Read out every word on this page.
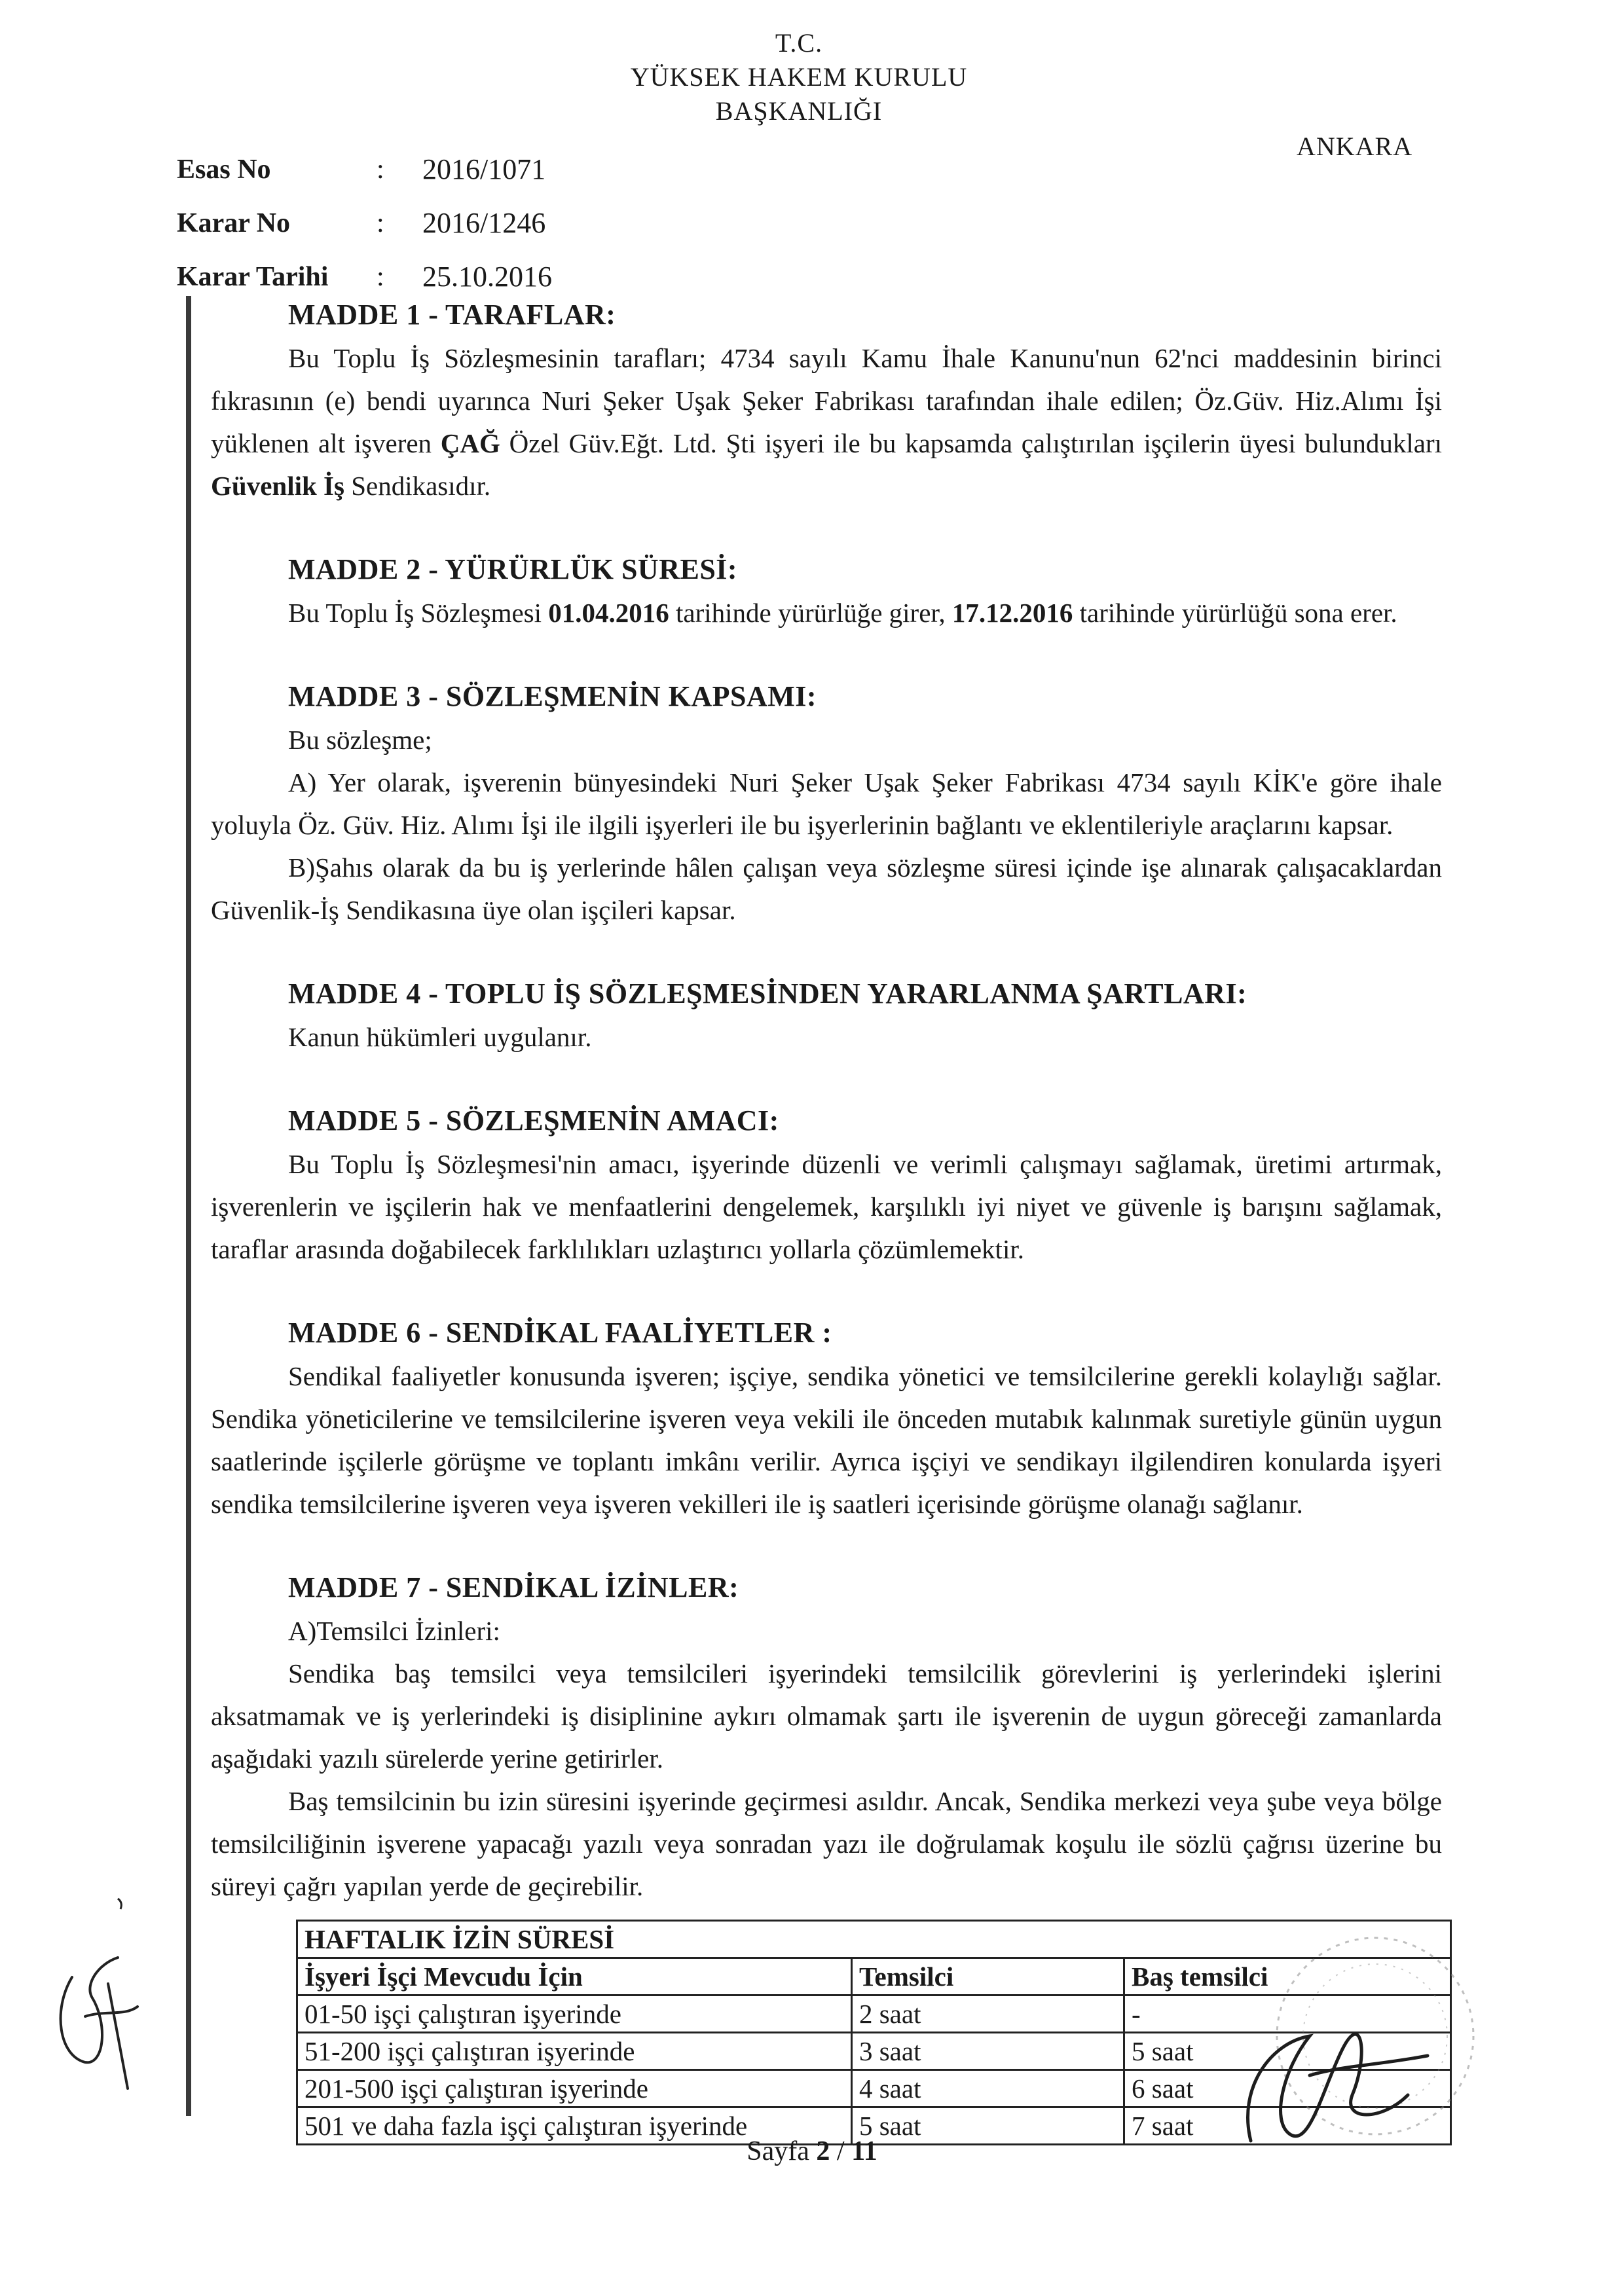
T.C.
YÜKSEK HAKEM KURULU
BAŞKANLIĞI
ANKARA
Esas No	:	2016/1071
Karar No	:	2016/1246
Karar Tarihi	:	25.10.2016
MADDE 1 - TARAFLAR:

Bu Toplu İş Sözleşmesinin tarafları; 4734 sayılı Kamu İhale Kanunu'nun 62'nci maddesinin birinci fıkrasının (e) bendi uyarınca Nuri Şeker Uşak Şeker Fabrikası tarafından ihale edilen; Öz.Güv. Hiz.Alımı İşi yüklenen alt işveren ÇAĞ Özel Güv.Eğt. Ltd. Şti işyeri ile bu kapsamda çalıştırılan işçilerin üyesi bulundukları Güvenlik İş Sendikasıdır.

MADDE 2 - YÜRÜRLÜK SÜRESİ:

Bu Toplu İş Sözleşmesi 01.04.2016 tarihinde yürürlüğe girer, 17.12.2016 tarihinde yürürlüğü sona erer.

MADDE 3 - SÖZLEŞMENİN KAPSAMI:

Bu sözleşme;

A) Yer olarak, işverenin bünyesindeki Nuri Şeker Uşak Şeker Fabrikası 4734 sayılı KİK'e göre ihale yoluyla Öz. Güv. Hiz. Alımı İşi ile ilgili işyerleri ile bu işyerlerinin bağlantı ve eklentileriyle araçlarını kapsar.

B)Şahıs olarak da bu iş yerlerinde hâlen çalışan veya sözleşme süresi içinde işe alınarak çalışacaklardan Güvenlik-İş Sendikasına üye olan işçileri kapsar.

MADDE 4 - TOPLU İŞ SÖZLEŞMESİNDEN YARARLANMA ŞARTLARI:

Kanun hükümleri uygulanır.

MADDE 5 - SÖZLEŞMENİN AMACI:

Bu Toplu İş Sözleşmesi'nin amacı, işyerinde düzenli ve verimli çalışmayı sağlamak, üretimi artırmak, işverenlerin ve işçilerin hak ve menfaatlerini dengelemek, karşılıklı iyi niyet ve güvenle iş barışını sağlamak, taraflar arasında doğabilecek farklılıkları uzlaştırıcı yollarla çözümlemektir.

MADDE 6 - SENDİKAL FAALİYETLER :

Sendikal faaliyetler konusunda işveren; işçiye, sendika yönetici ve temsilcilerine gerekli kolaylığı sağlar. Sendika yöneticilerine ve temsilcilerine işveren veya vekili ile önceden mutabık kalınmak suretiyle günün uygun saatlerinde işçilerle görüşme ve toplantı imkânı verilir. Ayrıca işçiyi ve sendikayı ilgilendiren konularda işyeri sendika temsilcilerine işveren veya işveren vekilleri ile iş saatleri içerisinde görüşme olanağı sağlanır.

MADDE 7 - SENDİKAL İZİNLER:

A)Temsilci İzinleri:

Sendika baş temsilci veya temsilcileri işyerindeki temsilcilik görevlerini iş yerlerindeki işlerini aksatmamak ve iş yerlerindeki iş disiplinine aykırı olmamak şartı ile işverenin de uygun göreceği zamanlarda aşağıdaki yazılı sürelerde yerine getirirler.

Baş temsilcinin bu izin süresini işyerinde geçirmesi asıldır. Ancak, Sendika merkezi veya şube veya bölge temsilciliğinin işverene yapacağı yazılı veya sonradan yazı ile doğrulamak koşulu ile sözlü çağrısı üzerine bu süreyi çağrı yapılan yerde de geçirebilir.

HAFTALIK İZİN SÜRESİ		
İşyeri İşçi Mevcudu İçin	Temsilci	Baş temsilci
01-50 işçi çalıştıran işyerinde	2 saat	-
51-200 işçi çalıştıran işyerinde	3 saat	5 saat
201-500 işçi çalıştıran işyerinde	4 saat	6 saat
501 ve daha fazla işçi çalıştıran işyerinde	5 saat	7 saat
Sayfa 2 / 11
